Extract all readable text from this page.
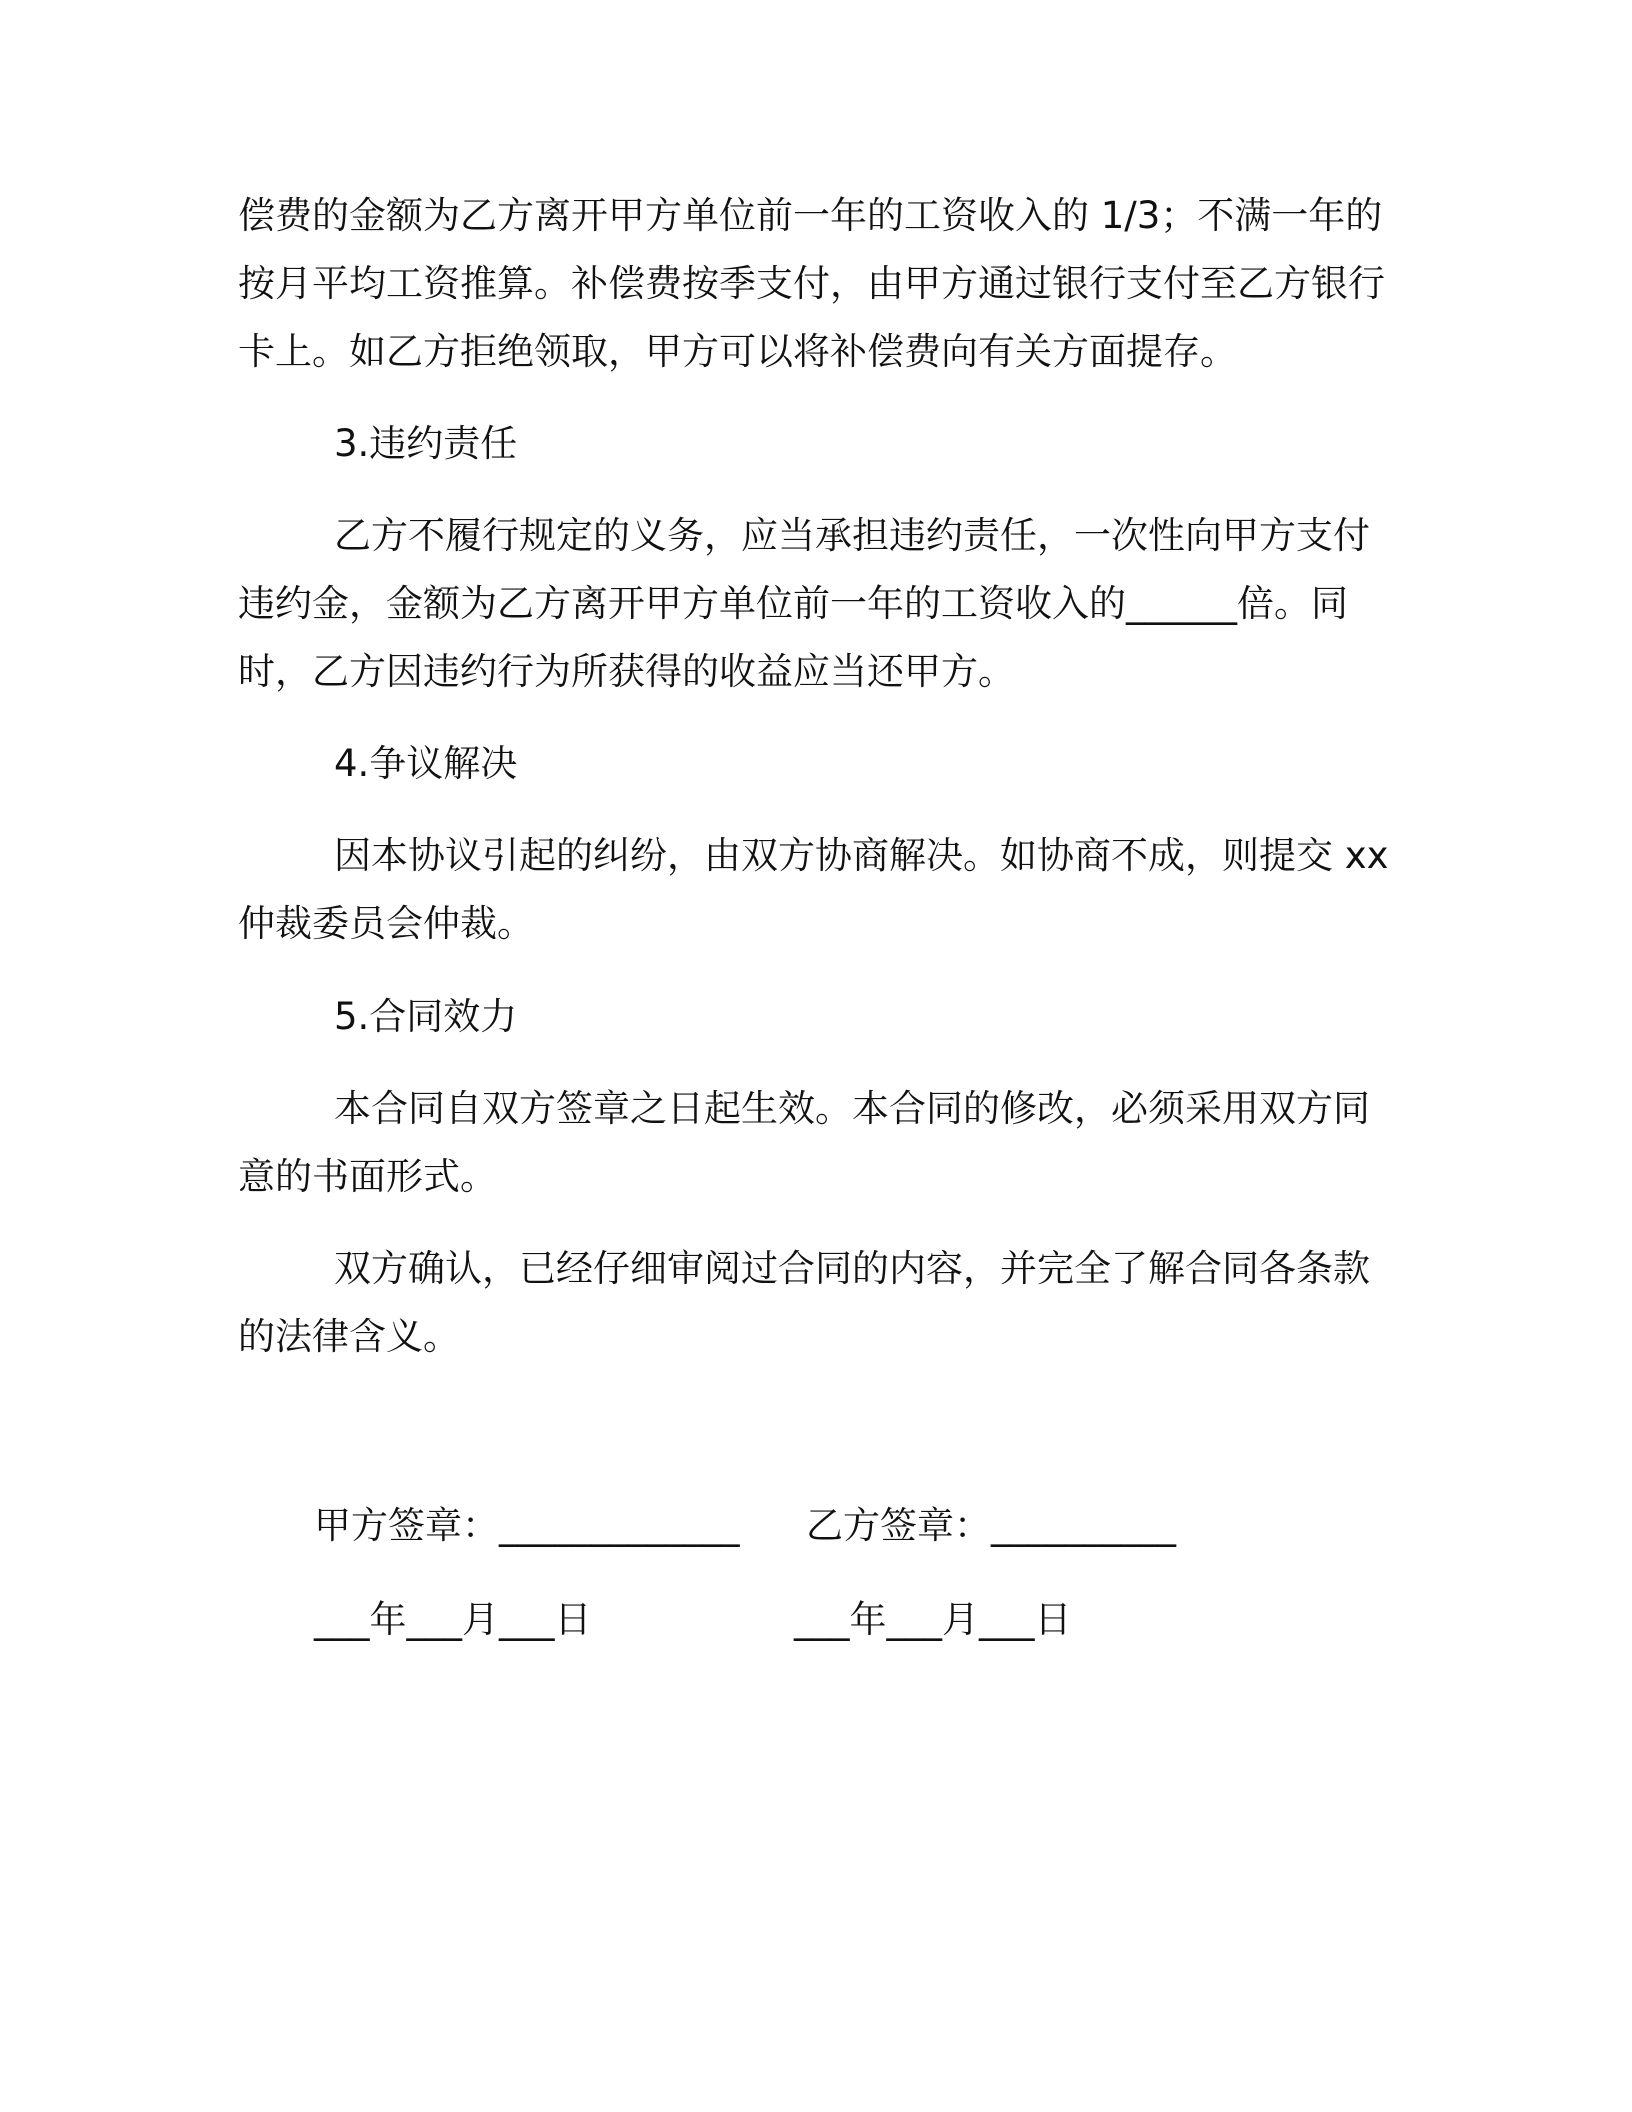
偿费的金额为乙方离开甲方单位前一年的工资收入的 1/3；不满一年的按月平均工资推算。补偿费按季支付，由甲方通过银行支付至乙方银行卡上。如乙方拒绝领取，甲方可以将补偿费向有关方面提存。

3.违约责任

乙方不履行规定的义务，应当承担违约责任，一次性向甲方支付违约金，金额为乙方离开甲方单位前一年的工资收入的______倍。同时，乙方因违约行为所获得的收益应当还甲方。

4.争议解决

因本协议引起的纠纷，由双方协商解决。如协商不成，则提交 xx 仲裁委员会仲裁。

5.合同效力

本合同自双方签章之日起生效。本合同的修改，必须采用双方同意的书面形式。

双方确认，已经仔细审阅过合同的内容，并完全了解合同各条款的法律含义。

甲方签章：_____________ 乙方签章：__________

___年___月___日	___年___月___日
